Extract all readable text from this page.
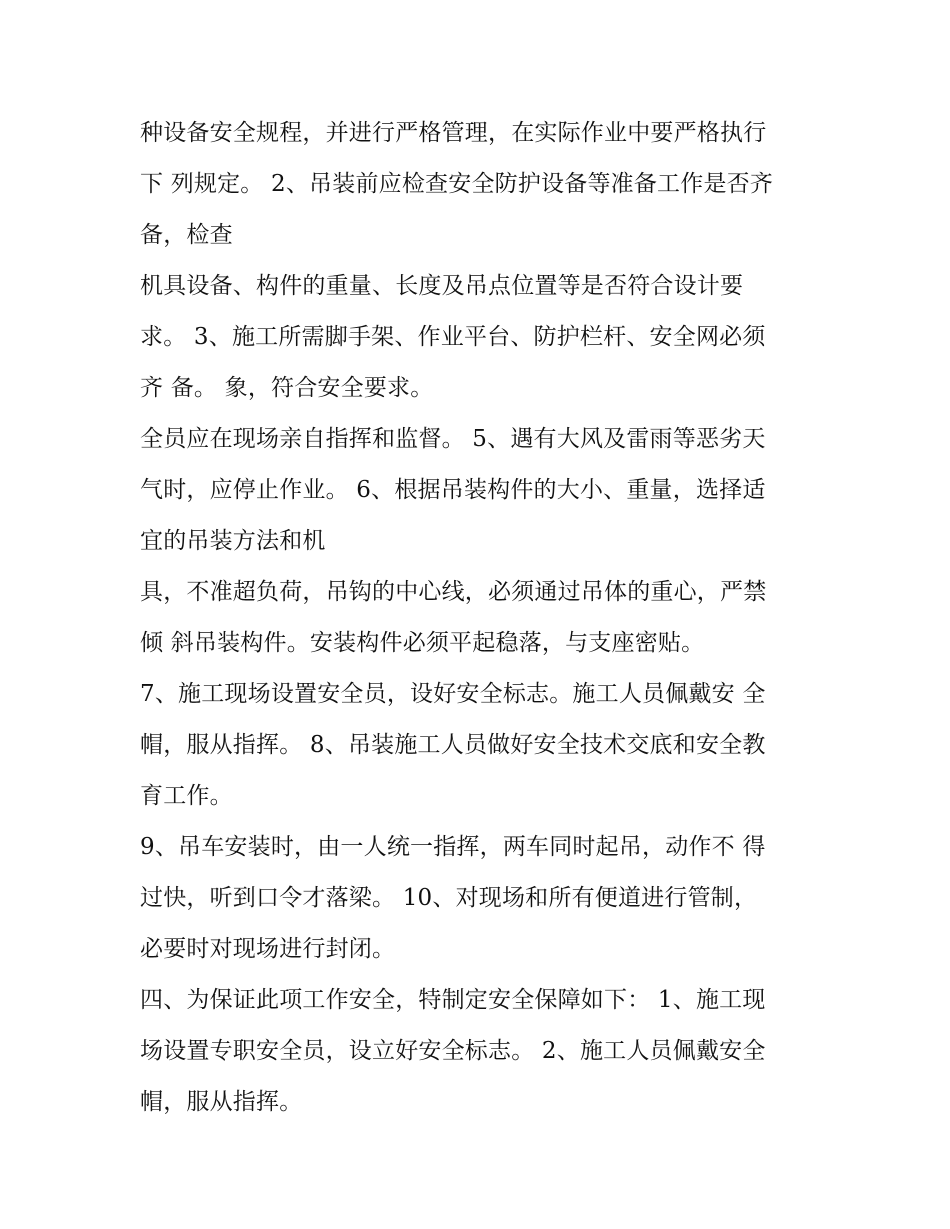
种设备安全规程，并进行严格管理，在实际作业中要严格执行
下 列规定。 2、吊装前应检查安全防护设备等准备工作是否齐
备，检查
机具设备、构件的重量、长度及吊点位置等是否符合设计要
求。 3、施工所需脚手架、作业平台、防护栏杆、安全网必须
齐 备。 象，符合安全要求。
全员应在现场亲自指挥和监督。 5、遇有大风及雷雨等恶劣天
气时，应停止作业。 6、根据吊装构件的大小、重量，选择适
宜的吊装方法和机
具，不准超负荷，吊钩的中心线，必须通过吊体的重心，严禁
倾 斜吊装构件。安装构件必须平起稳落，与支座密贴。
7、施工现场设置安全员，设好安全标志。施工人员佩戴安 全
帽，服从指挥。 8、吊装施工人员做好安全技术交底和安全教
育工作。
9、吊车安装时，由一人统一指挥，两车同时起吊，动作不 得
过快，听到口令才落梁。 10、对现场和所有便道进行管制，
必要时对现场进行封闭。
四、为保证此项工作安全，特制定安全保障如下： 1、施工现
场设置专职安全员，设立好安全标志。 2、施工人员佩戴安全
帽，服从指挥。
